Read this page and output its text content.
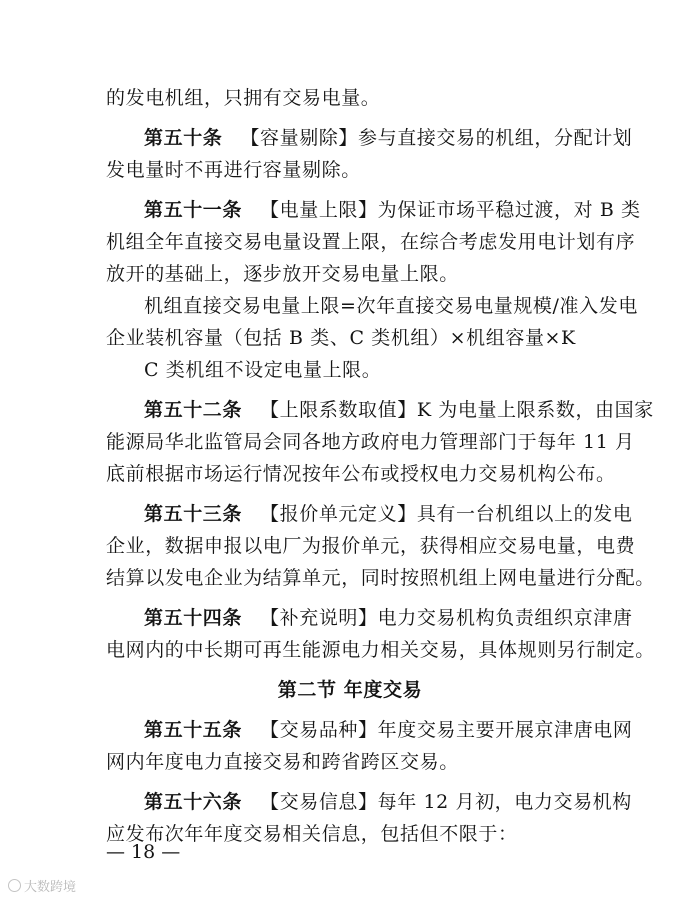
的发电机组，只拥有交易电量。
第五十条 【容量剔除】参与直接交易的机组，分配计划
发电量时不再进行容量剔除。
第五十一条 【电量上限】为保证市场平稳过渡，对 B 类
机组全年直接交易电量设置上限，在综合考虑发用电计划有序
放开的基础上，逐步放开交易电量上限。
机组直接交易电量上限=次年直接交易电量规模/准入发电
企业装机容量（包括 B 类、C 类机组）×机组容量×K
C 类机组不设定电量上限。
第五十二条 【上限系数取值】K 为电量上限系数，由国家
能源局华北监管局会同各地方政府电力管理部门于每年 11 月
底前根据市场运行情况按年公布或授权电力交易机构公布。
第五十三条 【报价单元定义】具有一台机组以上的发电
企业，数据申报以电厂为报价单元，获得相应交易电量，电费
结算以发电企业为结算单元，同时按照机组上网电量进行分配。
第五十四条 【补充说明】电力交易机构负责组织京津唐
电网内的中长期可再生能源电力相关交易，具体规则另行制定。
第二节 年度交易
第五十五条 【交易品种】年度交易主要开展京津唐电网
网内年度电力直接交易和跨省跨区交易。
第五十六条 【交易信息】每年 12 月初，电力交易机构
应发布次年年度交易相关信息，包括但不限于：
— 18 —
大数跨境
